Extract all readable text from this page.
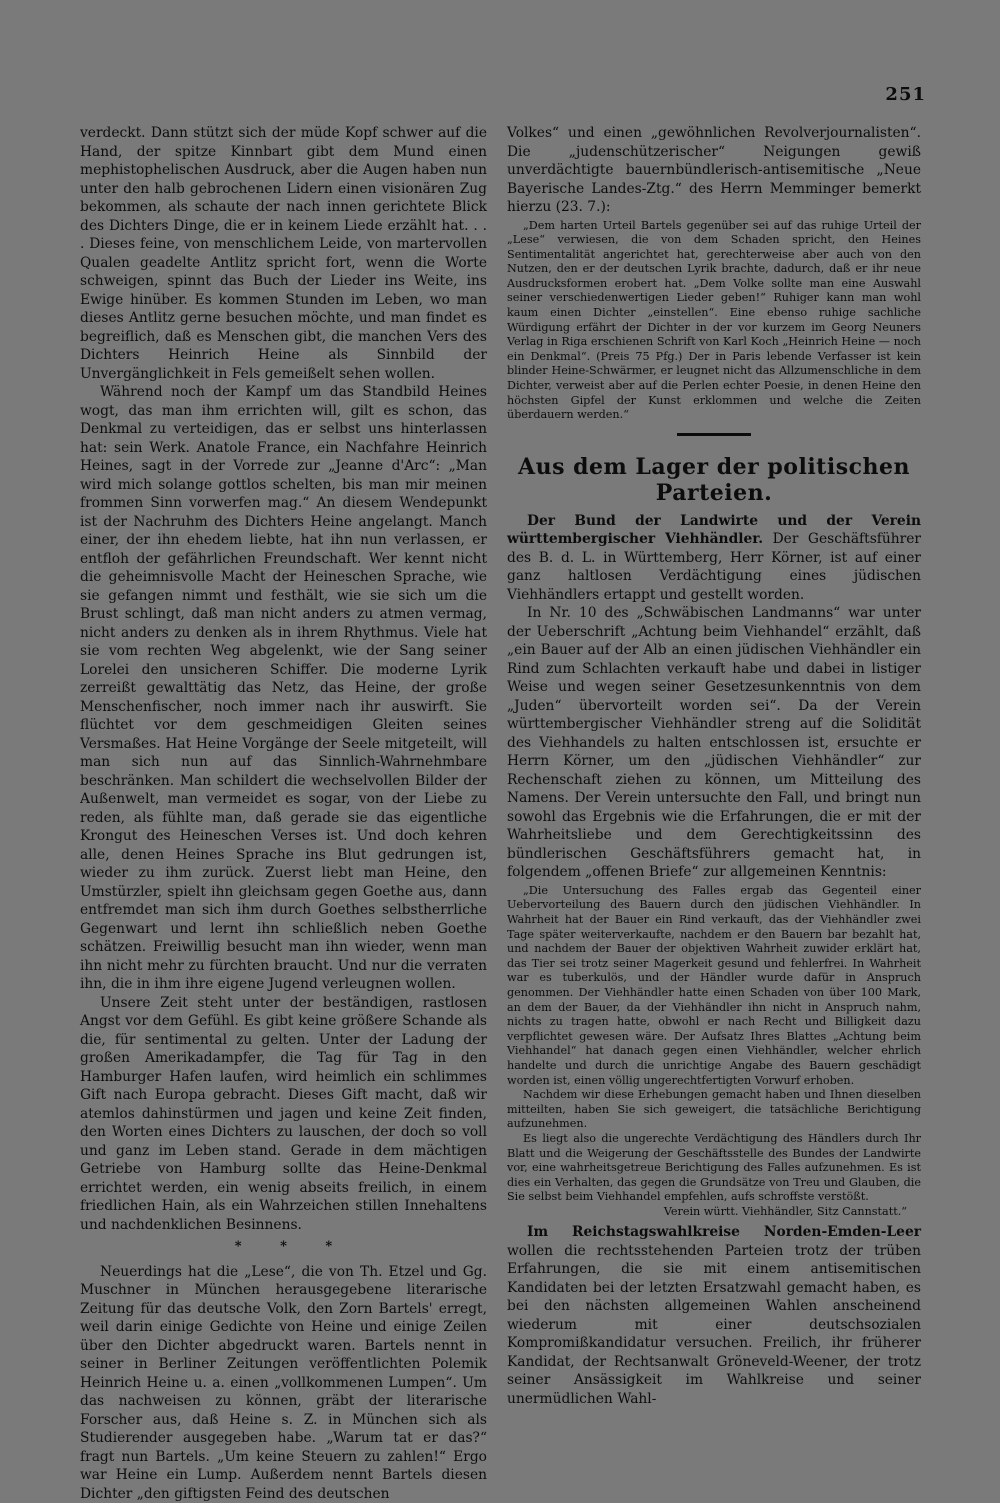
251

verdeckt. Dann stützt sich der müde Kopf schwer auf die Hand, der spitze Kinnbart gibt dem Mund einen mephistophelischen Ausdruck, aber die Augen haben nun unter den halb gebrochenen Lidern einen visionären Zug bekommen, als schaute der nach innen gerichtete Blick des Dichters Dinge, die er in keinem Liede erzählt hat. . . . Dieses feine, von menschlichem Leide, von martervollen Qualen geadelte Antlitz spricht fort, wenn die Worte schweigen, spinnt das Buch der Lieder ins Weite, ins Ewige hinüber. Es kommen Stunden im Leben, wo man dieses Antlitz gerne besuchen möchte, und man findet es begreiflich, daß es Menschen gibt, die manchen Vers des Dichters Heinrich Heine als Sinnbild der Unvergänglichkeit in Fels gemeißelt sehen wollen.

Während noch der Kampf um das Standbild Heines wogt, das man ihm errichten will, gilt es schon, das Denkmal zu verteidigen, das er selbst uns hinterlassen hat: sein Werk. Anatole France, ein Nachfahre Heinrich Heines, sagt in der Vorrede zur „Jeanne d'Arc“: „Man wird mich solange gottlos schelten, bis man mir meinen frommen Sinn vorwerfen mag.“ An diesem Wendepunkt ist der Nachruhm des Dichters Heine angelangt. Manch einer, der ihn ehedem liebte, hat ihn nun verlassen, er entfloh der gefährlichen Freundschaft. Wer kennt nicht die geheimnisvolle Macht der Heineschen Sprache, wie sie gefangen nimmt und festhält, wie sie sich um die Brust schlingt, daß man nicht anders zu atmen vermag, nicht anders zu denken als in ihrem Rhythmus. Viele hat sie vom rechten Weg abgelenkt, wie der Sang seiner Lorelei den unsicheren Schiffer. Die moderne Lyrik zerreißt gewalttätig das Netz, das Heine, der große Menschenfischer, noch immer nach ihr auswirft. Sie flüchtet vor dem geschmeidigen Gleiten seines Versmaßes. Hat Heine Vorgänge der Seele mitgeteilt, will man sich nun auf das Sinnlich-Wahrnehmbare beschränken. Man schildert die wechselvollen Bilder der Außenwelt, man vermeidet es sogar, von der Liebe zu reden, als fühlte man, daß gerade sie das eigentliche Krongut des Heineschen Verses ist. Und doch kehren alle, denen Heines Sprache ins Blut gedrungen ist, wieder zu ihm zurück. Zuerst liebt man Heine, den Umstürzler, spielt ihn gleichsam gegen Goethe aus, dann entfremdet man sich ihm durch Goethes selbstherrliche Gegenwart und lernt ihn schließlich neben Goethe schätzen. Freiwillig besucht man ihn wieder, wenn man ihn nicht mehr zu fürchten braucht. Und nur die verraten ihn, die in ihm ihre eigene Jugend verleugnen wollen.

Unsere Zeit steht unter der beständigen, rastlosen Angst vor dem Gefühl. Es gibt keine größere Schande als die, für sentimental zu gelten. Unter der Ladung der großen Amerikadampfer, die Tag für Tag in den Hamburger Hafen laufen, wird heimlich ein schlimmes Gift nach Europa gebracht. Dieses Gift macht, daß wir atemlos dahinstürmen und jagen und keine Zeit finden, den Worten eines Dichters zu lauschen, der doch so voll und ganz im Leben stand. Gerade in dem mächtigen Getriebe von Hamburg sollte das Heine-Denkmal errichtet werden, ein wenig abseits freilich, in einem friedlichen Hain, als ein Wahrzeichen stillen Innehaltens und nachdenklichen Besinnens.

* * *

Neuerdings hat die „Lese“, die von Th. Etzel und Gg. Muschner in München herausgegebene literarische Zeitung für das deutsche Volk, den Zorn Bartels' erregt, weil darin einige Gedichte von Heine und einige Zeilen über den Dichter abgedruckt waren. Bartels nennt in seiner in Berliner Zeitungen veröffentlichten Polemik Heinrich Heine u. a. einen „vollkommenen Lumpen“. Um das nachweisen zu können, gräbt der literarische Forscher aus, daß Heine s. Z. in München sich als Studierender ausgegeben habe. „Warum tat er das?“ fragt nun Bartels. „Um keine Steuern zu zahlen!“ Ergo war Heine ein Lump. Außerdem nennt Bartels diesen Dichter „den giftigsten Feind des deutschen

Volkes“ und einen „gewöhnlichen Revolverjournalisten“. Die „judenschützerischer“ Neigungen gewiß unverdächtigte bauernbündlerisch-antisemitische „Neue Bayerische Landes-Ztg.“ des Herrn Memminger bemerkt hierzu (23. 7.):

„Dem harten Urteil Bartels gegenüber sei auf das ruhige Urteil der „Lese“ verwiesen, die von dem Schaden spricht, den Heines Sentimentalität angerichtet hat, gerechterweise aber auch von den Nutzen, den er der deutschen Lyrik brachte, dadurch, daß er ihr neue Ausdrucksformen erobert hat. „Dem Volke sollte man eine Auswahl seiner verschiedenwertigen Lieder geben!“ Ruhiger kann man wohl kaum einen Dichter „einstellen“. Eine ebenso ruhige sachliche Würdigung erfährt der Dichter in der vor kurzem im Georg Neuners Verlag in Riga erschienen Schrift von Karl Koch „Heinrich Heine — noch ein Denkmal“. (Preis 75 Pfg.) Der in Paris lebende Verfasser ist kein blinder Heine-Schwärmer, er leugnet nicht das Allzumenschliche in dem Dichter, verweist aber auf die Perlen echter Poesie, in denen Heine den höchsten Gipfel der Kunst erklommen und welche die Zeiten überdauern werden.“

Aus dem Lager der politischen Parteien.

Der Bund der Landwirte und der Verein württembergischer Viehhändler. Der Geschäftsführer des B. d. L. in Württemberg, Herr Körner, ist auf einer ganz haltlosen Verdächtigung eines jüdischen Viehhändlers ertappt und gestellt worden.

In Nr. 10 des „Schwäbischen Landmanns“ war unter der Ueberschrift „Achtung beim Viehhandel“ erzählt, daß „ein Bauer auf der Alb an einen jüdischen Viehhändler ein Rind zum Schlachten verkauft habe und dabei in listiger Weise und wegen seiner Gesetzesunkenntnis von dem „Juden“ übervorteilt worden sei“. Da der Verein württembergischer Viehhändler streng auf die Solidität des Viehhandels zu halten entschlossen ist, ersuchte er Herrn Körner, um den „jüdischen Viehhändler“ zur Rechenschaft ziehen zu können, um Mitteilung des Namens. Der Verein untersuchte den Fall, und bringt nun sowohl das Ergebnis wie die Erfahrungen, die er mit der Wahrheitsliebe und dem Gerechtigkeitssinn des bündlerischen Geschäftsführers gemacht hat, in folgendem „offenen Briefe“ zur allgemeinen Kenntnis:

„Die Untersuchung des Falles ergab das Gegenteil einer Uebervorteilung des Bauern durch den jüdischen Viehhändler. In Wahrheit hat der Bauer ein Rind verkauft, das der Viehhändler zwei Tage später weiterverkaufte, nachdem er den Bauern bar bezahlt hat, und nachdem der Bauer der objektiven Wahrheit zuwider erklärt hat, das Tier sei trotz seiner Magerkeit gesund und fehlerfrei. In Wahrheit war es tuberkulös, und der Händler wurde dafür in Anspruch genommen. Der Viehhändler hatte einen Schaden von über 100 Mark, an dem der Bauer, da der Viehhändler ihn nicht in Anspruch nahm, nichts zu tragen hatte, obwohl er nach Recht und Billigkeit dazu verpflichtet gewesen wäre. Der Aufsatz Ihres Blattes „Achtung beim Viehhandel“ hat danach gegen einen Viehhändler, welcher ehrlich handelte und durch die unrichtige Angabe des Bauern geschädigt worden ist, einen völlig ungerechtfertigten Vorwurf erhoben.

Nachdem wir diese Erhebungen gemacht haben und Ihnen dieselben mitteilten, haben Sie sich geweigert, die tatsächliche Berichtigung aufzunehmen.

Es liegt also die ungerechte Verdächtigung des Händlers durch Ihr Blatt und die Weigerung der Geschäftsstelle des Bundes der Landwirte vor, eine wahrheitsgetreue Berichtigung des Falles aufzunehmen. Es ist dies ein Verhalten, das gegen die Grundsätze von Treu und Glauben, die Sie selbst beim Viehhandel empfehlen, aufs schroffste verstößt.

Verein württ. Viehhändler, Sitz Cannstatt.“

Im Reichstagswahlkreise Norden-Emden-Leer wollen die rechtsstehenden Parteien trotz der trüben Erfahrungen, die sie mit einem antisemitischen Kandidaten bei der letzten Ersatzwahl gemacht haben, es bei den nächsten allgemeinen Wahlen anscheinend wiederum mit einer deutschsozialen Kompromißkandidatur versuchen. Freilich, ihr früherer Kandidat, der Rechtsanwalt Gröneveld-Weener, der trotz seiner Ansässigkeit im Wahlkreise und seiner unermüdlichen Wahl-
